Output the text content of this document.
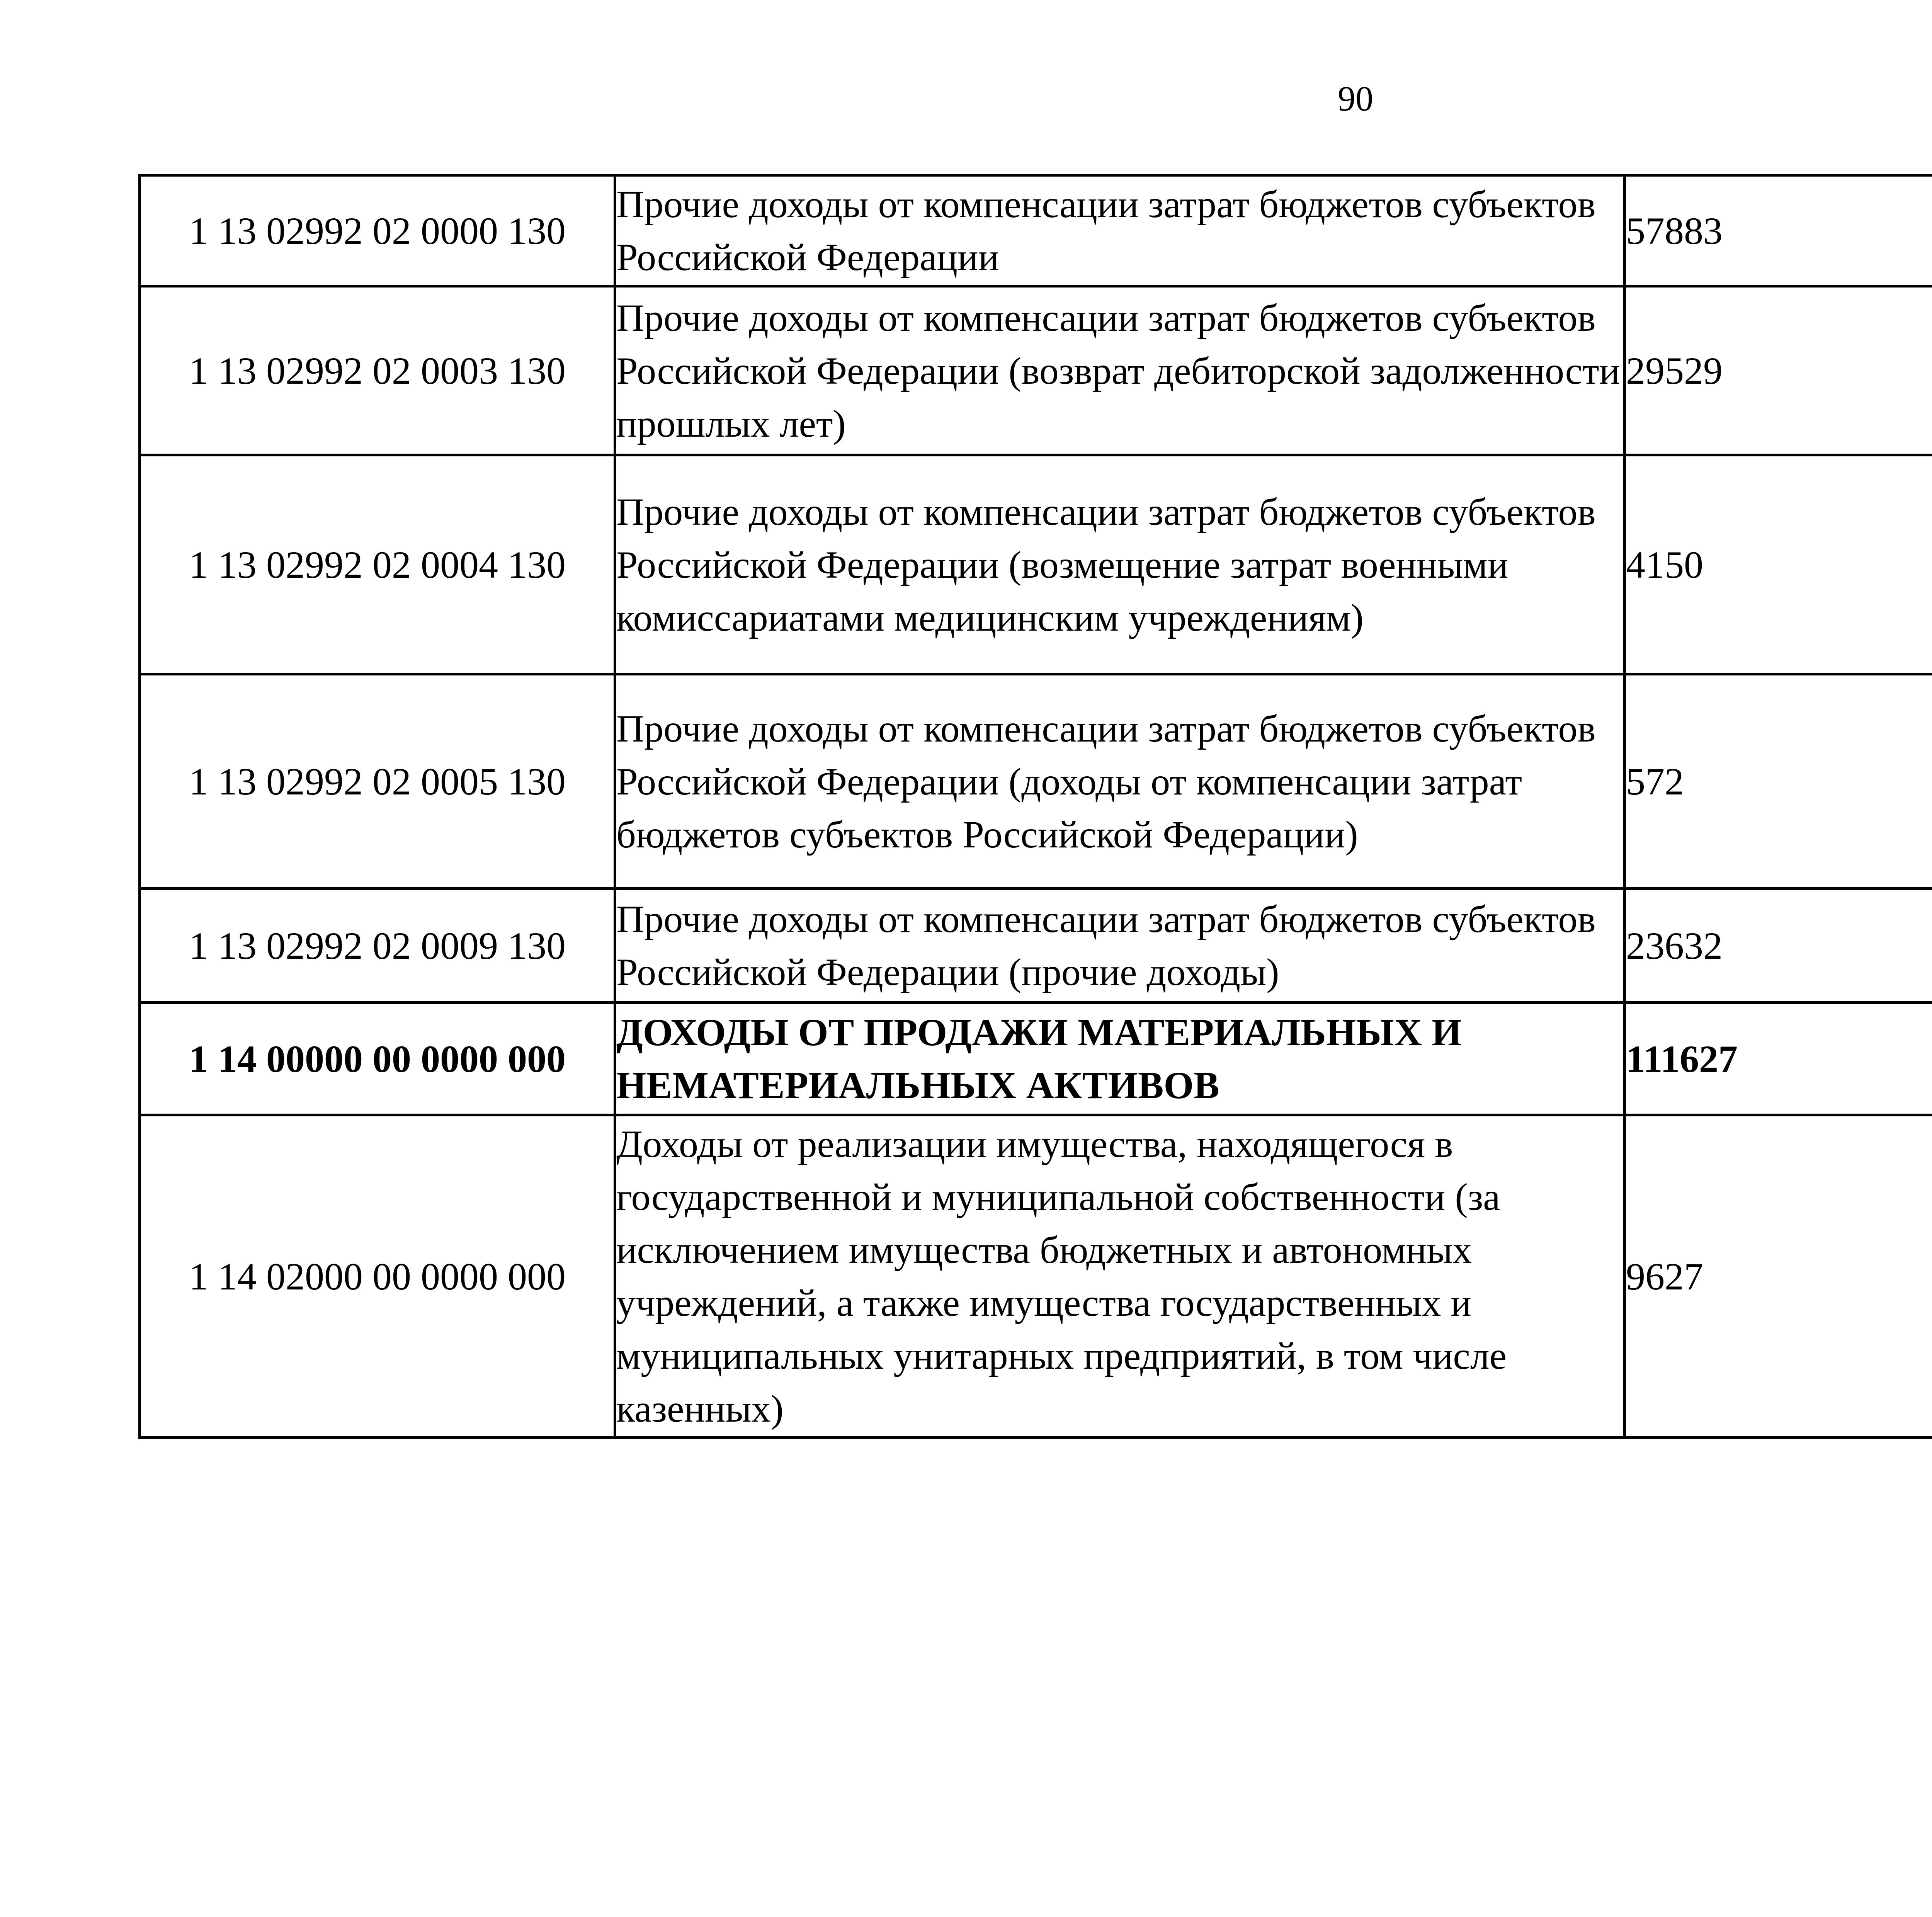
90
1 13 02992 02 0000 130	Прочие доходы от компенсации затрат бюджетов субъектов Российской Федерации	57883		
1 13 02992 02 0003 130	Прочие доходы от компенсации затрат бюджетов субъектов Российской Федерации (возврат дебиторской задолженности прошлых лет)	29529		
1 13 02992 02 0004 130	Прочие доходы от компенсации затрат бюджетов субъектов Российской Федерации (возмещение затрат военными комиссариатами медицинским учреждениям)	4150		
1 13 02992 02 0005 130	Прочие доходы от компенсации затрат бюджетов субъектов Российской Федерации (доходы от компенсации затрат бюджетов субъектов Российской Федерации)	572		
1 13 02992 02 0009 130	Прочие доходы от компенсации затрат бюджетов субъектов Российской Федерации (прочие доходы)	23632		
1 14 00000 00 0000 000	ДОХОДЫ ОТ ПРОДАЖИ МАТЕРИАЛЬНЫХ И НЕМАТЕРИАЛЬНЫХ АКТИВОВ	111627		
1 14 02000 00 0000 000	Доходы от реализации имущества, находящегося в государственной и муниципальной собственности (за исключением имущества бюджетных и автономных учреждений, а также имущества государственных и муниципальных унитарных предприятий, в том числе казенных)	9627		
